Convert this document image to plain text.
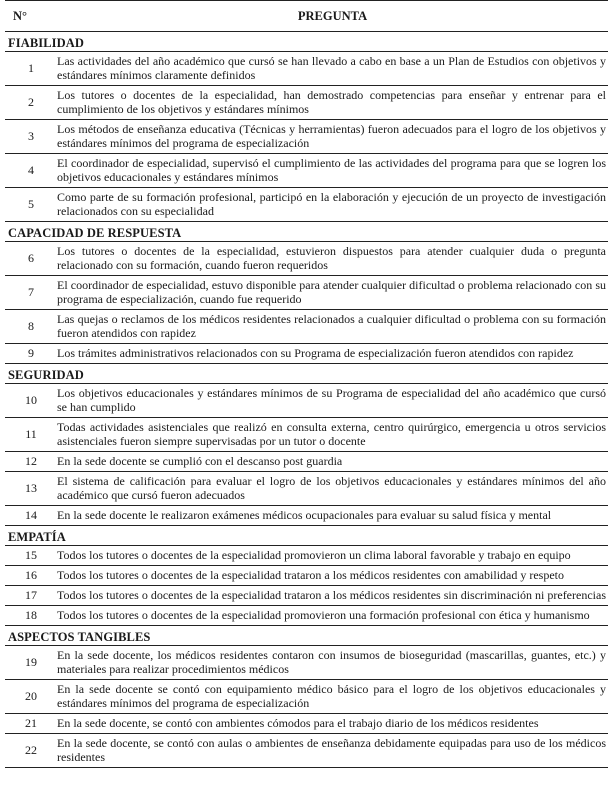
N°	PREGUNTA
FIABILIDAD	
1	Las actividades del año académico que cursó se han llevado a cabo en base a un Plan de Estudios con objetivos y estándares mínimos claramente definidos
2	Los tutores o docentes de la especialidad, han demostrado competencias para enseñar y entrenar para el cumplimiento de los objetivos y estándares mínimos
3	Los métodos de enseñanza educativa (Técnicas y herramientas) fueron adecuados para el logro de los objetivos y estándares mínimos del programa de especialización
4	El coordinador de especialidad, supervisó el cumplimiento de las actividades del programa para que se logren los objetivos educacionales y estándares mínimos
5	Como parte de su formación profesional, participó en la elaboración y ejecución de un proyecto de investigación relacionados con su especialidad
CAPACIDAD DE RESPUESTA	
6	Los tutores o docentes de la especialidad, estuvieron dispuestos para atender cualquier duda o pregunta relacionado con su formación, cuando fueron requeridos
7	El coordinador de especialidad, estuvo disponible para atender cualquier dificultad o problema relacionado con su programa de especialización, cuando fue requerido
8	Las quejas o reclamos de los médicos residentes relacionados a cualquier dificultad o problema con su formación fueron atendidos con rapidez
9	Los trámites administrativos relacionados con su Programa de especialización fueron atendidos con rapidez
SEGURIDAD	
10	Los objetivos educacionales y estándares mínimos de su Programa de especialidad del año académico que cursó se han cumplido
11	Todas actividades asistenciales que realizó en consulta externa, centro quirúrgico, emergencia u otros servicios asistenciales fueron siempre supervisadas por un tutor o docente
12	En la sede docente se cumplió con el descanso post guardia
13	El sistema de calificación para evaluar el logro de los objetivos educacionales y estándares mínimos del año académico que cursó fueron adecuados
14	En la sede docente le realizaron exámenes médicos ocupacionales para evaluar su salud física y mental
EMPATÍA	
15	Todos los tutores o docentes de la especialidad promovieron un clima laboral favorable y trabajo en equipo
16	Todos los tutores o docentes de la especialidad trataron a los médicos residentes con amabilidad y respeto
17	Todos los tutores o docentes de la especialidad trataron a los médicos residentes sin discriminación ni preferencias
18	Todos los tutores o docentes de la especialidad promovieron una formación profesional con ética y humanismo
ASPECTOS TANGIBLES	
19	En la sede docente, los médicos residentes contaron con insumos de bioseguridad (mascarillas, guantes, etc.) y materiales para realizar procedimientos médicos
20	En la sede docente se contó con equipamiento médico básico para el logro de los objetivos educacionales y estándares mínimos del programa de especialización
21	En la sede docente, se contó con ambientes cómodos para el trabajo diario de los médicos residentes
22	En la sede docente, se contó con aulas o ambientes de enseñanza debidamente equipadas para uso de los médicos residentes
